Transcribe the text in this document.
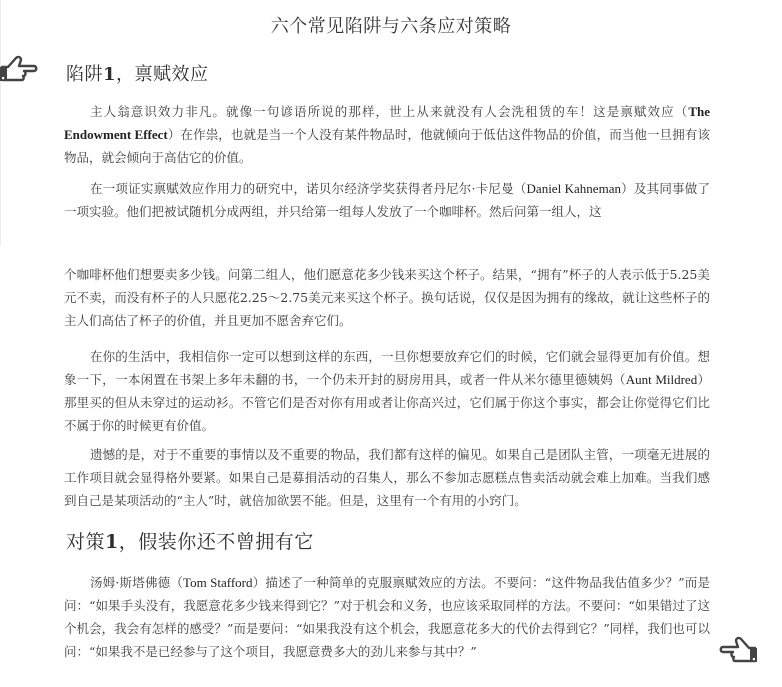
六个常见陷阱与六条应对策略
陷阱1，禀赋效应

主人翁意识效力非凡。就像一句谚语所说的那样，世上从来就没有人会洗租赁的车！这是禀赋效应（The Endowment Effect）在作祟，也就是当一个人没有某件物品时，他就倾向于低估这件物品的价值，而当他一旦拥有该物品，就会倾向于高估它的价值。

在一项证实禀赋效应作用力的研究中，诺贝尔经济学奖获得者丹尼尔·卡尼曼（Daniel Kahneman）及其同事做了一项实验。他们把被试随机分成两组，并只给第一组每人发放了一个咖啡杯。然后问第一组人，这

个咖啡杯他们想要卖多少钱。问第二组人，他们愿意花多少钱来买这个杯子。结果，“拥有”杯子的人表示低于5.25美元不卖，而没有杯子的人只愿花2.25～2.75美元来买这个杯子。换句话说，仅仅是因为拥有的缘故，就让这些杯子的主人们高估了杯子的价值，并且更加不愿舍弃它们。

在你的生活中，我相信你一定可以想到这样的东西，一旦你想要放弃它们的时候，它们就会显得更加有价值。想象一下，一本闲置在书架上多年未翻的书，一个仍未开封的厨房用具，或者一件从米尔德里德姨妈（Aunt Mildred）那里买的但从未穿过的运动衫。不管它们是否对你有用或者让你高兴过，它们属于你这个事实，都会让你觉得它们比不属于你的时候更有价值。

遗憾的是，对于不重要的事情以及不重要的物品，我们都有这样的偏见。如果自己是团队主管，一项毫无进展的工作项目就会显得格外要紧。如果自己是募捐活动的召集人，那么不参加志愿糕点售卖活动就会难上加难。当我们感到自己是某项活动的“主人”时，就倍加欲罢不能。但是，这里有一个有用的小窍门。

对策1，假装你还不曾拥有它

汤姆·斯塔佛德（Tom Stafford）描述了一种简单的克服禀赋效应的方法。不要问：“这件物品我估值多少？”而是问：“如果手头没有，我愿意花多少钱来得到它？”对于机会和义务，也应该采取同样的方法。不要问：“如果错过了这个机会，我会有怎样的感受？”而是要问：“如果我没有这个机会，我愿意花多大的代价去得到它？”同样，我们也可以问：“如果我不是已经参与了这个项目，我愿意费多大的劲儿来参与其中？”
